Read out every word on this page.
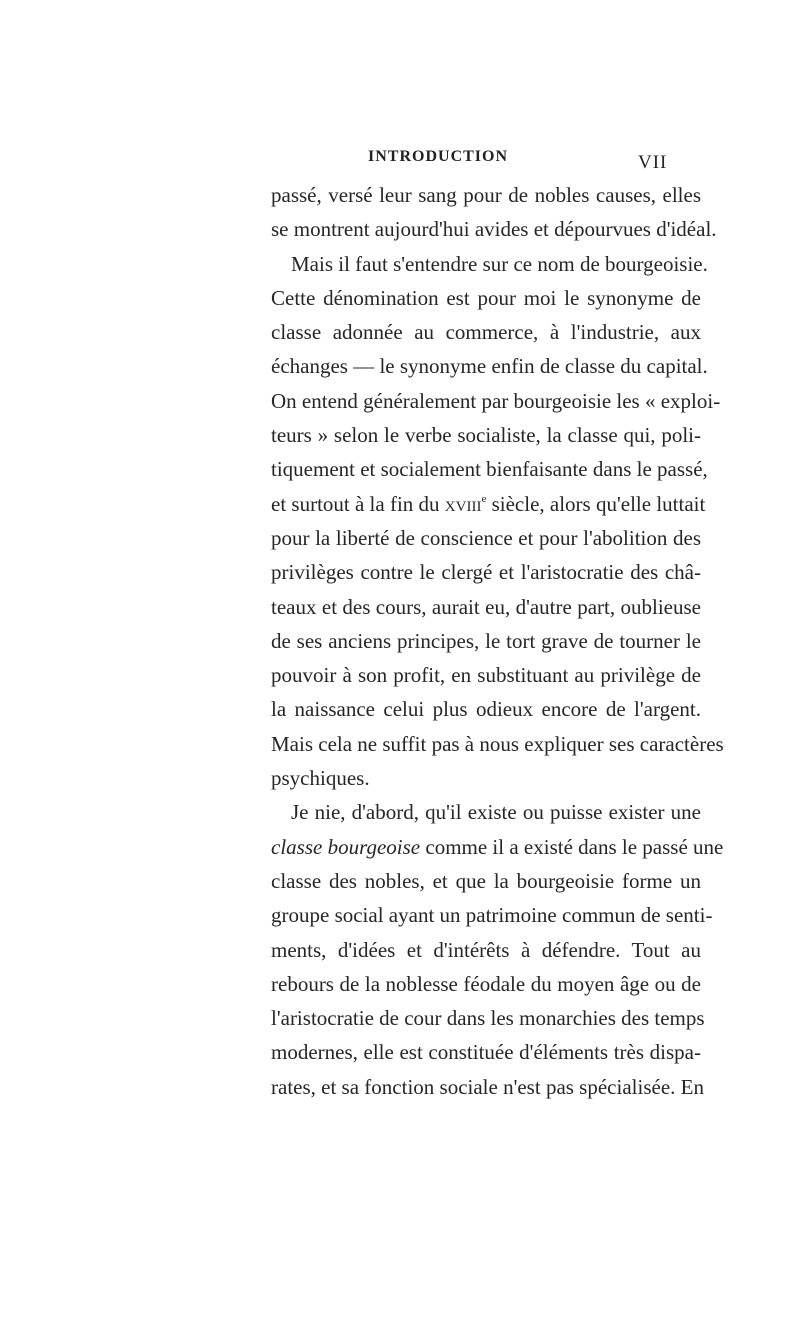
INTRODUCTION	VII
passé, versé leur sang pour de nobles causes, elles
se montrent aujourd'hui avides et dépourvues d'idéal.
Mais il faut s'entendre sur ce nom de bourgeoisie.
Cette dénomination est pour moi le synonyme de
classe adonnée au commerce, à l'industrie, aux
échanges — le synonyme enfin de classe du capital.
On entend généralement par bourgeoisie les « exploi-
teurs » selon le verbe socialiste, la classe qui, poli-
tiquement et socialement bienfaisante dans le passé,
et surtout à la fin du xviii$^e$ siècle, alors qu'elle luttait
pour la liberté de conscience et pour l'abolition des
privilèges contre le clergé et l'aristocratie des châ-
teaux et des cours, aurait eu, d'autre part, oublieuse
de ses anciens principes, le tort grave de tourner le
pouvoir à son profit, en substituant au privilège de
la naissance celui plus odieux encore de l'argent.
Mais cela ne suffit pas à nous expliquer ses caractères
psychiques.
Je nie, d'abord, qu'il existe ou puisse exister une
classe bourgeoise comme il a existé dans le passé une
classe des nobles, et que la bourgeoisie forme un
groupe social ayant un patrimoine commun de senti-
ments, d'idées et d'intérêts à défendre. Tout au
rebours de la noblesse féodale du moyen âge ou de
l'aristocratie de cour dans les monarchies des temps
modernes, elle est constituée d'éléments très dispa-
rates, et sa fonction sociale n'est pas spécialisée. En
